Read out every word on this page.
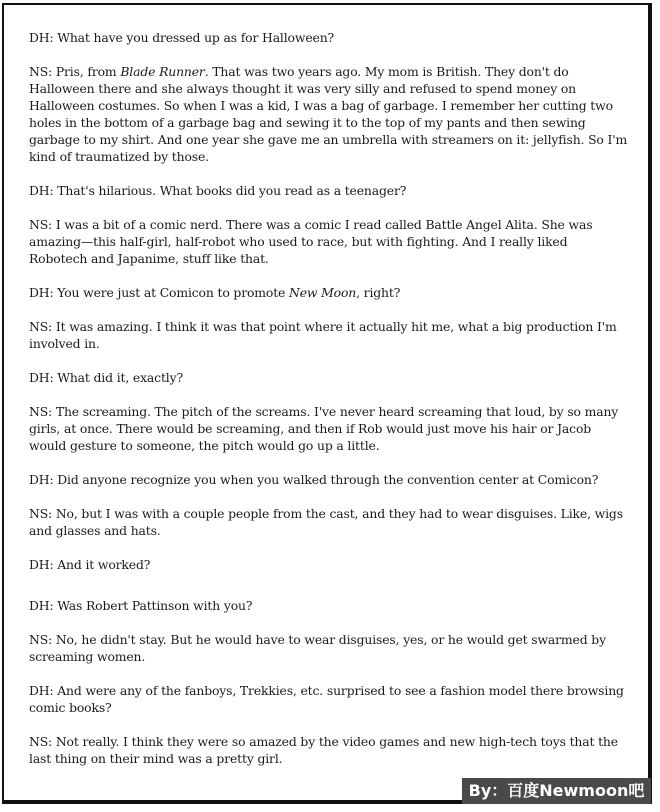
DH: What have you dressed up as for Halloween?

NS: Pris, from Blade Runner. That was two years ago. My mom is British. They don't do Halloween there and she always thought it was very silly and refused to spend money on Halloween costumes. So when I was a kid, I was a bag of garbage. I remember her cutting two holes in the bottom of a garbage bag and sewing it to the top of my pants and then sewing garbage to my shirt. And one year she gave me an umbrella with streamers on it: jellyfish. So I'm kind of traumatized by those.

DH: That's hilarious. What books did you read as a teenager?

NS: I was a bit of a comic nerd. There was a comic I read called Battle Angel Alita. She was amazing—this half-girl, half-robot who used to race, but with fighting. And I really liked Robotech and Japanime, stuff like that.

DH: You were just at Comicon to promote New Moon, right?

NS: It was amazing. I think it was that point where it actually hit me, what a big production I'm involved in.

DH: What did it, exactly?

NS: The screaming. The pitch of the screams. I've never heard screaming that loud, by so many girls, at once. There would be screaming, and then if Rob would just move his hair or Jacob would gesture to someone, the pitch would go up a little.

DH: Did anyone recognize you when you walked through the convention center at Comicon?

NS: No, but I was with a couple people from the cast, and they had to wear disguises. Like, wigs and glasses and hats.

DH: And it worked?

DH: Was Robert Pattinson with you?

NS: No, he didn't stay. But he would have to wear disguises, yes, or he would get swarmed by screaming women.

DH: And were any of the fanboys, Trekkies, etc. surprised to see a fashion model there browsing comic books?

NS: Not really. I think they were so amazed by the video games and new high-tech toys that the last thing on their mind was a pretty girl.

By：百度Newmoon吧
